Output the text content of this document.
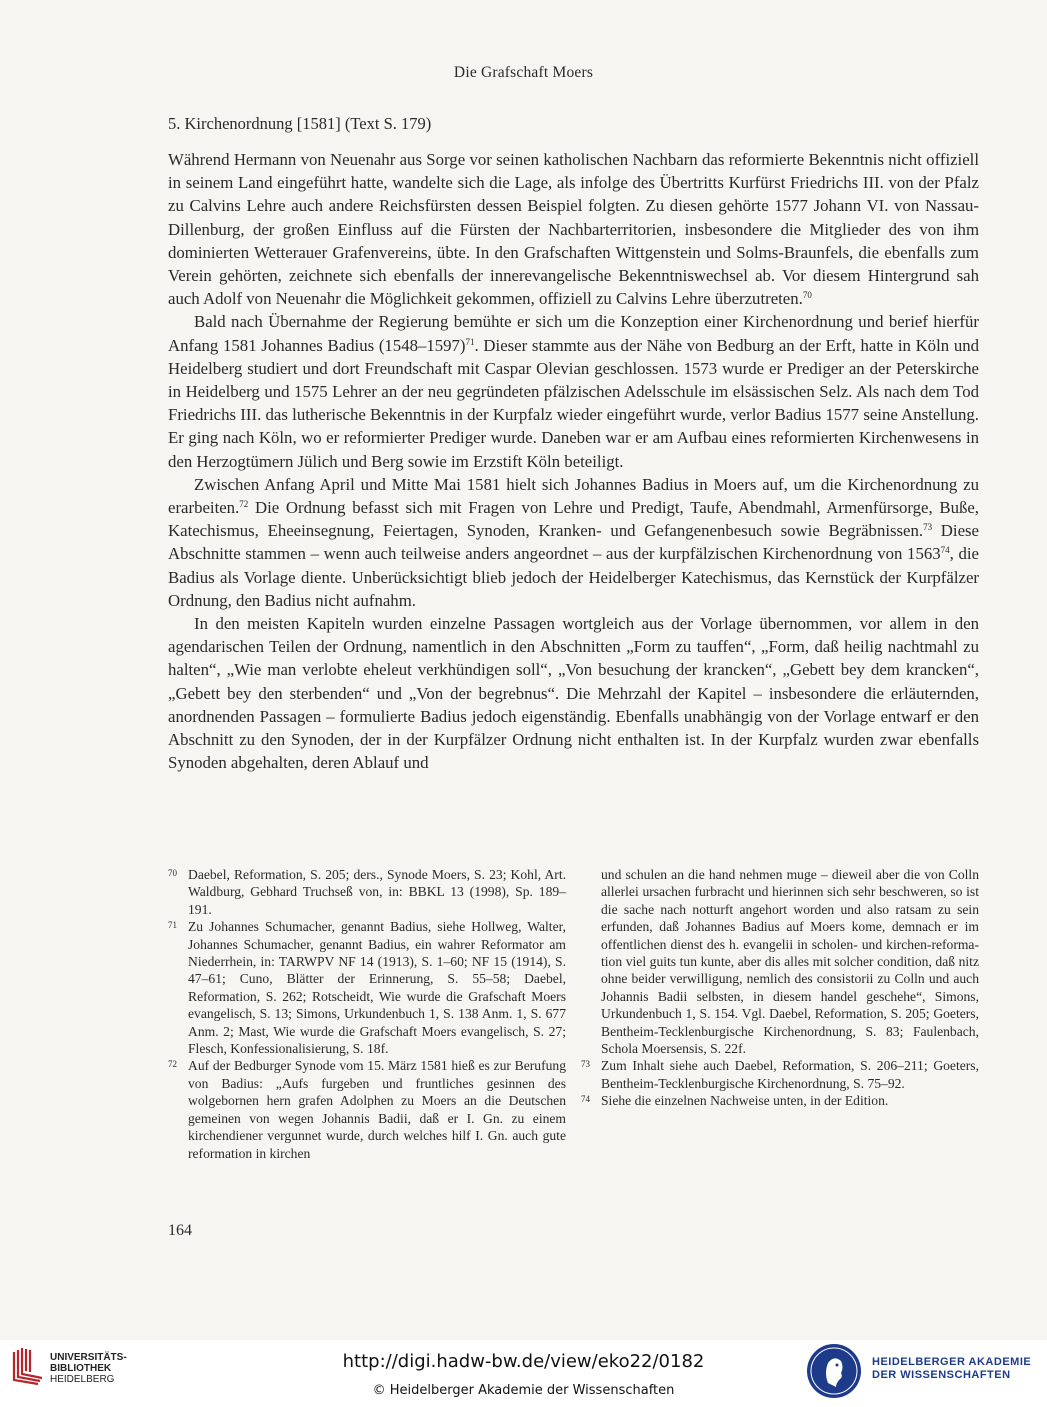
Die Grafschaft Moers
5. Kirchenordnung [1581] (Text S. 179)

Während Hermann von Neuenahr aus Sorge vor seinen katholischen Nachbarn das reformierte Bekenntnis nicht offiziell in seinem Land eingeführt hatte, wandelte sich die Lage, als infolge des Übertritts Kurfürst Friedrichs III. von der Pfalz zu Calvins Lehre auch andere Reichsfürsten dessen Beispiel folgten. Zu diesen gehörte 1577 Johann VI. von Nassau-Dillenburg, der großen Einfluss auf die Fürsten der Nachbarterritorien, insbesondere die Mitglieder des von ihm dominierten Wetterauer Grafenvereins, übte. In den Grafschaften Wittgenstein und Solms-Braunfels, die ebenfalls zum Verein gehörten, zeichnete sich ebenfalls der innerevangelische Bekenntniswechsel ab. Vor diesem Hintergrund sah auch Adolf von Neuenahr die Möglichkeit gekommen, offiziell zu Calvins Lehre überzutreten.$^{70}$

Bald nach Übernahme der Regierung bemühte er sich um die Konzeption einer Kirchenordnung und berief hierfür Anfang 1581 Johannes Badius (1548–1597)$^{71}$. Dieser stammte aus der Nähe von Bedburg an der Erft, hatte in Köln und Heidelberg studiert und dort Freundschaft mit Caspar Olevian geschlossen. 1573 wurde er Prediger an der Peterskirche in Heidelberg und 1575 Lehrer an der neu gegründeten pfälzischen Adelsschule im elsässischen Selz. Als nach dem Tod Friedrichs III. das lutherische Bekenntnis in der Kurpfalz wieder eingeführt wurde, verlor Badius 1577 seine Anstellung. Er ging nach Köln, wo er reformierter Prediger wurde. Daneben war er am Aufbau eines reformierten Kirchenwesens in den Herzogtümern Jülich und Berg sowie im Erzstift Köln beteiligt.

Zwischen Anfang April und Mitte Mai 1581 hielt sich Johannes Badius in Moers auf, um die Kirchenordnung zu erarbeiten.$^{72}$ Die Ordnung befasst sich mit Fragen von Lehre und Predigt, Taufe, Abendmahl, Armenfürsorge, Buße, Katechismus, Eheeinsegnung, Feiertagen, Synoden, Kranken- und Gefangenenbesuch sowie Begräbnissen.$^{73}$ Diese Abschnitte stammen – wenn auch teilweise anders angeordnet – aus der kurpfälzischen Kirchenordnung von 1563$^{74}$, die Badius als Vorlage diente. Unberücksichtigt blieb jedoch der Heidelberger Katechismus, das Kernstück der Kurpfälzer Ordnung, den Badius nicht aufnahm.

In den meisten Kapiteln wurden einzelne Passagen wortgleich aus der Vorlage übernommen, vor allem in den agendarischen Teilen der Ordnung, namentlich in den Abschnitten „Form zu tauffen“, „Form, daß heilig nachtmahl zu halten“, „Wie man verlobte eheleut verkhündigen soll“, „Von besuchung der krancken“, „Gebett bey dem krancken“, „Gebett bey den sterbenden“ und „Von der begrebnus“. Die Mehrzahl der Kapitel – insbesondere die erläuternden, anordnenden Passagen – formulierte Badius jedoch eigenständig. Ebenfalls unabhängig von der Vorlage entwarf er den Abschnitt zu den Synoden, der in der Kurpfälzer Ordnung nicht enthalten ist. In der Kurpfalz wurden zwar ebenfalls Synoden abgehalten, deren Ablauf und

70 Daebel, Reformation, S. 205; ders., Synode Moers, S. 23; Kohl, Art. Waldburg, Gebhard Truchseß von, in: BBKL 13 (1998), Sp. 189–191.
71 Zu Johannes Schumacher, genannt Badius, siehe Hollweg, Walter, Johannes Schumacher, genannt Badius, ein wahrer Reformator am Niederrhein, in: TARWPV NF 14 (1913), S. 1–60; NF 15 (1914), S. 47–61; Cuno, Blätter der Erinnerung, S. 55–58; Daebel, Reformation, S. 262; Rotscheidt, Wie wurde die Grafschaft Moers evangelisch, S. 13; Simons, Urkundenbuch 1, S. 138 Anm. 1, S. 677 Anm. 2; Mast, Wie wurde die Grafschaft Moers evangelisch, S. 27; Flesch, Konfessionalisierung, S. 18f.
72 Auf der Bedburger Synode vom 15. März 1581 hieß es zur Berufung von Badius: „Aufs furgeben und fruntliches gesinnen des wolgebornen hern grafen Adolphen zu Moers an die Deutschen gemeinen von wegen Johannis Badii, daß er I. Gn. zu einem kirchendiener vergunnet wurde, durch welches hilf I. Gn. auch gute reformation in kirchen
und schulen an die hand nehmen muge – dieweil aber die von Colln allerlei ursachen furbracht und hierinnen sich sehr beschweren, so ist die sache nach notturft angehort worden und also ratsam zu sein erfunden, daß Johannes Badius auf Moers kome, demnach er im offentlichen dienst des h. evangelii in scholen- und kirchen-reformation viel guits tun kunte, aber dis alles mit solcher condition, daß nitz ohne beider verwilligung, nemlich des consistorii zu Colln und auch Johannis Badii selbsten, in diesem handel geschehe“, Simons, Urkundenbuch 1, S. 154. Vgl. Daebel, Reformation, S. 205; Goeters, Bentheim-Tecklenburgische Kirchenordnung, S. 83; Faulenbach, Schola Moersensis, S. 22f.
73 Zum Inhalt siehe auch Daebel, Reformation, S. 206–211; Goeters, Bentheim-Tecklenburgische Kirchenordnung, S. 75–92.
74 Siehe die einzelnen Nachweise unten, in der Edition.
164
UNIVERSITÄTS-
BIBLIOTHEK
HEIDELBERG
http://digi.hadw-bw.de/view/eko22/0182
© Heidelberger Akademie der Wissenschaften
HEIDELBERGER AKADEMIE
DER WISSENSCHAFTEN
